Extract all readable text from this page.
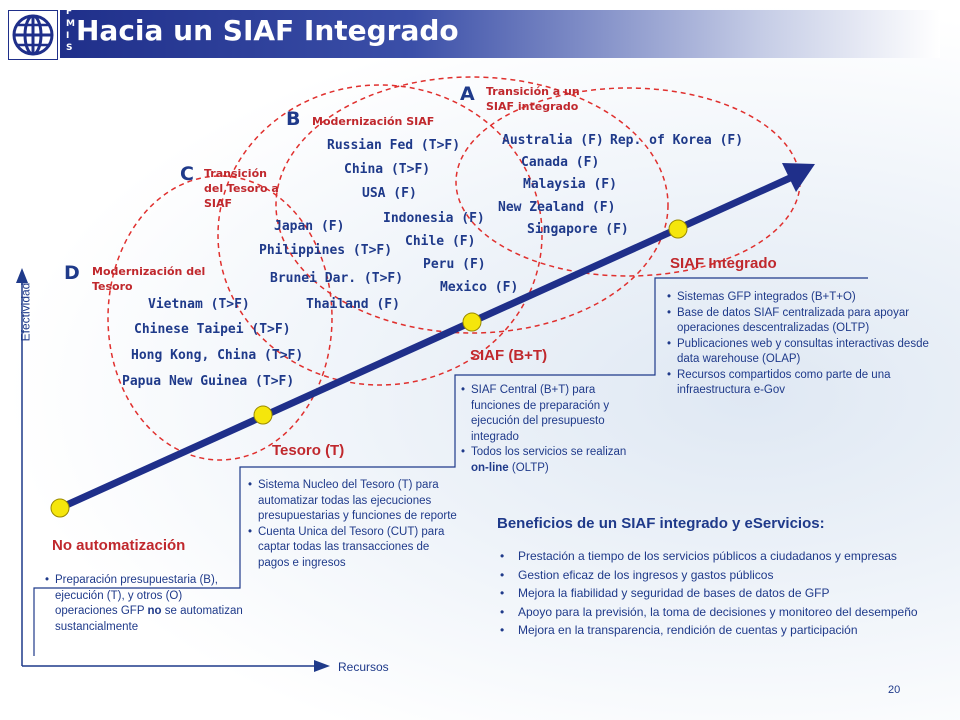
F
M
I
S
Hacia un SIAF Integrado
A Transición a un SIAF integrado
B Modernización SIAF
C Transición del Tesoro a SIAF
D Modernización del Tesoro
Australia (F) Rep. of Korea (F)
Canada (F)
Malaysia (F)
New Zealand (F)
Singapore (F)
Russian Fed (T>F)
China (T>F)
USA (F)
Indonesia (F)
Chile (F)
Peru (F)
Mexico (F)
Japan (F)
Philippines (T>F)
Brunei Dar. (T>F)
Thailand (F)
Vietnam (T>F)
Chinese Taipei (T>F)
Hong Kong, China (T>F)
Papua New Guinea (T>F)
No automatización
Tesoro (T)
SIAF (B+T)
SIAF Integrado
• Preparación presupuestaria (B), ejecución (T), y otros (O) operaciones GFP no se automatizan sustancialmente
• Sistema Nucleo del Tesoro (T) para automatizar todas las ejecuciones presupuestarias y funciones de reporte
• Cuenta Unica del Tesoro (CUT) para captar todas las transacciones de pagos e ingresos
• SIAF Central (B+T) para funciones de preparación y ejecución del presupuesto integrado
• Todos los servicios se realizan on-line (OLTP)
• Sistemas GFP integrados (B+T+O)
• Base de datos SIAF centralizada para apoyar operaciones descentralizadas (OLTP)
• Publicaciones web y consultas interactivas desde data warehouse (OLAP)
• Recursos compartidos como parte de una infraestructura e-Gov
Beneficios de un SIAF integrado y eServicios:
• Prestación a tiempo de los servicios públicos a ciudadanos y empresas
• Gestion eficaz de los ingresos y gastos públicos
• Mejora la fiabilidad y seguridad de bases de datos de GFP
• Apoyo para la previsión, la toma de decisiones y monitoreo del desempeño
• Mejora en la transparencia, rendición de cuentas y participación
Recursos
Efectividad
20
